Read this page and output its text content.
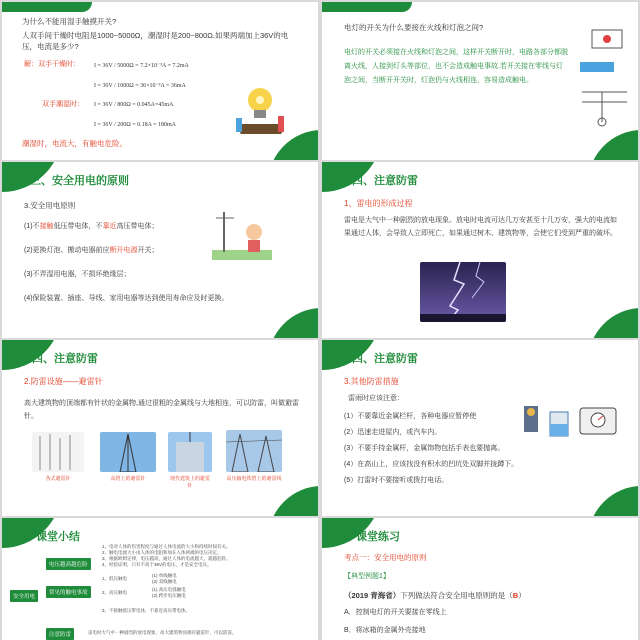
为什么不能用湿手触摸开关?
人双手间干燥时电阻是1000~5000Ω，潮湿时是200~800Ω.如果两端加上36V的电压，电流是多少?
解：双手干燥时： I = 36V / 5000Ω = 7.2×10⁻³A = 7.2mA
I = 36V / 1000Ω = 36×10⁻³A = 36mA
双手潮湿时： I = 36V / 800Ω = 0.045A=45mA
I = 36V / 200Ω = 0.18A = 180mA
潮湿时，电流大，有触电危险。
电灯的开关为什么要接在火线和灯泡之间?
电灯的开关必须接在火线和灯泡之间，这样开关断开时，电路各部分都脱离火线，人接到灯头等部位，也不会造成触电事故.若开关接在零线与灯泡之间，当断开开关时，灯泡仍与火线相连，容易造成触电。
三、安全用电的原则
3.安全用电原则
(1)不接触低压带电体，不靠近高压带电体；
(2)更换灯泡、搬动电器前应断开电源开关；
(3)不弄湿用电器，不损坏绝缘层；
(4)保险装置、插座、导线、家用电器等达到使用寿命应及时更换。
四、注意防雷
1、雷电的形成过程
雷电是大气中一种剧烈的放电现象。放电时电流可达几万安甚至十几万安，强大的电流如果通过人体，会导致人立即死亡，如果通过树木、建筑物等，会使它们受到严重的破坏。
四、注意防雷
2.防雷设施——避雷针
高大建筑物的顶端都有针状的金属物,通过很粗的金属线与大地相连，可以防雷，叫做避雷针。
各式避雷针	高塔上的避雷针	现代建筑上的避雷针
高压输电铁塔上的避雷线
四、注意防雷
3.其他防雷措施
雷雨时应该注意：
(1）不要靠近金属栏杆，各种电器应暂停使
(2）迅速走进屋内，或汽车内。
(3）不要手持金属杆，金属饰物包括手表也要抛离。
(4）在高山上，应该找没有积水的凹坑处双脚并拢蹲下。
(5）打雷时不要接听或拨打电话。
课堂小结
安全用电
电压越高越危险
常见的触电事故
注意防雷
1、电对人体的伤害程度与通过人体电流的大小和持续时间有关。
2、触电电流大小由人体的电阻和加在人体两端的电压决定。
3、根据欧姆定律，电压越高，通过人体的电流越大，就越危险。
4、经验证明，只有不高于36V的电压，才是安全电压。
1、低压触电
(1) 单线触电
(2) 双线触电
2、高压触电
(1) 高压电弧触电
(2) 跨步电压触电
3、不接触低压带电体，不靠近高压带电体。
雷电时大气中一种剧烈的放电现象，高大建筑物顶端有避雷针，可以防雷。
课堂练习
考点一：安全用电的原则
【典型例题1】
（2019 青海省）下列做法符合安全用电原则的是（B）
A．控制电灯的开关要接在零线上
B．将冰箱的金属外壳接地
